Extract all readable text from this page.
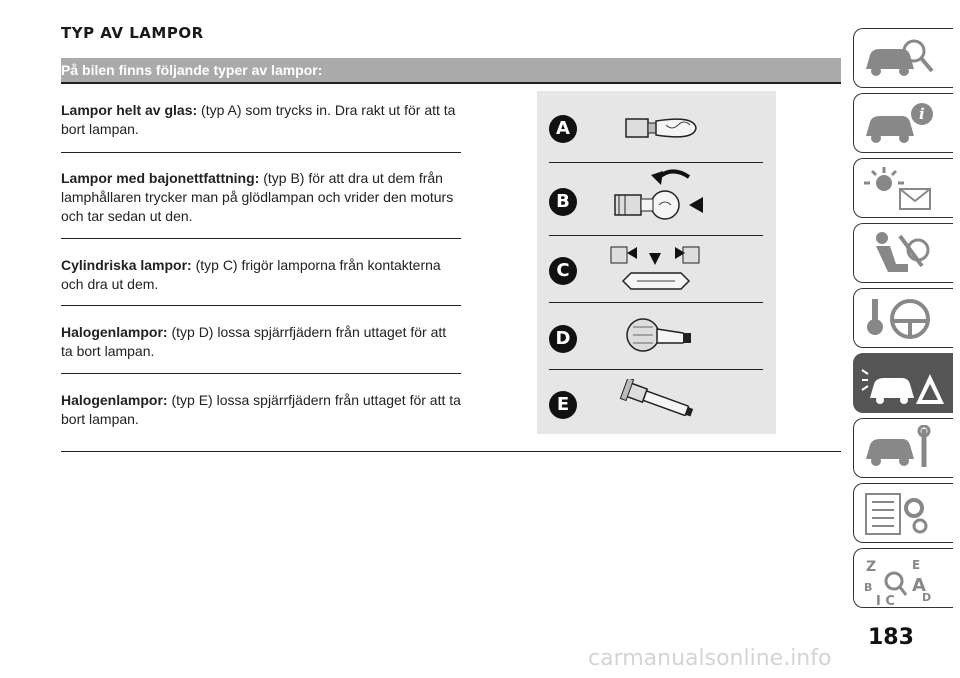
TYP AV LAMPOR
På bilen finns följande typer av lampor:
Lampor helt av glas: (typ A) som trycks in. Dra rakt ut för att ta bort lampan.
Lampor med bajonettfattning: (typ B) för att dra ut dem från lamphållaren trycker man på glödlampan och vrider den moturs och tar sedan ut den.
Cylindriska lampor: (typ C) frigör lamporna från kontakterna och dra ut dem.
Halogenlampor: (typ D) lossa spjärrfjädern från uttaget för att ta bort lampan.
Halogenlampor: (typ E) lossa spjärrfjädern från uttaget för att ta bort lampan.
A
B
C
D
E
i
Z	E
B A
I C D
183
carmanualsonline.info
